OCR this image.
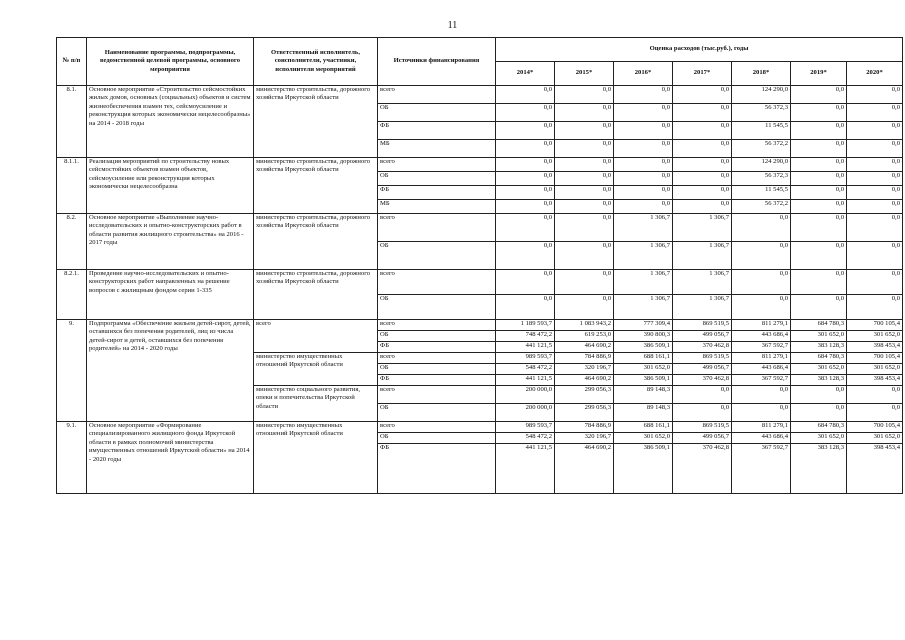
11
№ п/п	Наименование программы, подпрограммы, ведомственной целевой программы, основного мероприятия	Ответственный исполнитель, соисполнители, участники, исполнители мероприятий	Источники финансирования	Оценка расходов (тыс.руб.), годы						
				2014*	2015*	2016*	2017*	2018*	2019*	2020*
8.1.	Основное мероприятие «Строительство сейсмостойких жилых домов, основных (социальных) объектов и систем жизнеобеспечения взамен тех, сейсмоусиление и реконструкция которых экономически нецелесообразны» на 2014 - 2018 годы	министерство строительства, дорожного хозяйства Иркутской области	всего	0,0	0,0	0,0	0,0	124 290,0	0,0	0,0
			ОБ	0,0	0,0	0,0	0,0	56 372,3	0,0	0,0
			ФБ	0,0	0,0	0,0	0,0	11 545,5	0,0	0,0
			МБ	0,0	0,0	0,0	0,0	56 372,2	0,0	0,0
8.1.1.	Реализация мероприятий по строительству новых сейсмостойких объектов взамен объектов, сейсмоусиление или реконструкция которых экономически нецелесообразна	министерство строительства, дорожного хозяйства Иркутской области	всего	0,0	0,0	0,0	0,0	124 290,0	0,0	0,0
			ОБ	0,0	0,0	0,0	0,0	56 372,3	0,0	0,0
			ФБ	0,0	0,0	0,0	0,0	11 545,5	0,0	0,0
			МБ	0,0	0,0	0,0	0,0	56 372,2	0,0	0,0
8.2.	Основное мероприятие «Выполнение научно-исследовательских и опытно-конструкторских работ в области развития жилищного строительства» на 2016 - 2017 годы	министерство строительства, дорожного хозяйства Иркутской области	всего	0,0	0,0	1 306,7	1 306,7	0,0	0,0	0,0
			ОБ	0,0	0,0	1 306,7	1 306,7	0,0	0,0	0,0
8.2.1.	Проведение научно-исследовательских и опытно-конструкторских работ направленных на решение вопросов с жилищным фондом серии 1-335	министерство строительства, дорожного хозяйства Иркутской области	всего	0,0	0,0	1 306,7	1 306,7	0,0	0,0	0,0
			ОБ	0,0	0,0	1 306,7	1 306,7	0,0	0,0	0,0
9.	Подпрограмма «Обеспечение жильем детей-сирот, детей, оставшихся без попечения родителей, лиц из числа детей-сирот и детей, оставшихся без попечения родителей» на 2014 - 2020 годы	всего	всего	1 189 593,7	1 083 943,2	777 309,4	869 519,5	811 279,1	684 780,3	700 105,4
			ОБ	748 472,2	619 253,0	390 800,3	499 056,7	443 686,4	301 652,0	301 652,0
			ФБ	441 121,5	464 690,2	386 509,1	370 462,8	367 592,7	383 128,3	398 453,4
		министерство имущественных отношений Иркутской области	всего	989 593,7	784 886,9	688 161,1	869 519,5	811 279,1	684 780,3	700 105,4
			ОБ	548 472,2	320 196,7	301 652,0	499 056,7	443 686,4	301 652,0	301 652,0
			ФБ	441 121,5	464 690,2	386 509,1	370 462,8	367 592,7	383 128,3	398 453,4
		министерство социального развития, опеки и попечительства Иркутской области	всего	200 000,0	299 056,3	89 148,3	0,0	0,0	0,0	0,0
			ОБ	200 000,0	299 056,3	89 148,3	0,0	0,0	0,0	0,0
9.1.	Основное мероприятие «Формирование специализированного жилищного фонда Иркутской области в рамках полномочий министерства имущественных отношений Иркутской области» на 2014 - 2020 годы	министерство имущественных отношений Иркутской области	всего	989 593,7	784 886,9	688 161,1	869 519,5	811 279,1	684 780,3	700 105,4
			ОБ	548 472,2	320 196,7	301 652,0	499 056,7	443 686,4	301 652,0	301 652,0
			ФБ	441 121,5	464 690,2	386 509,1	370 462,8	367 592,7	383 128,3	398 453,4
